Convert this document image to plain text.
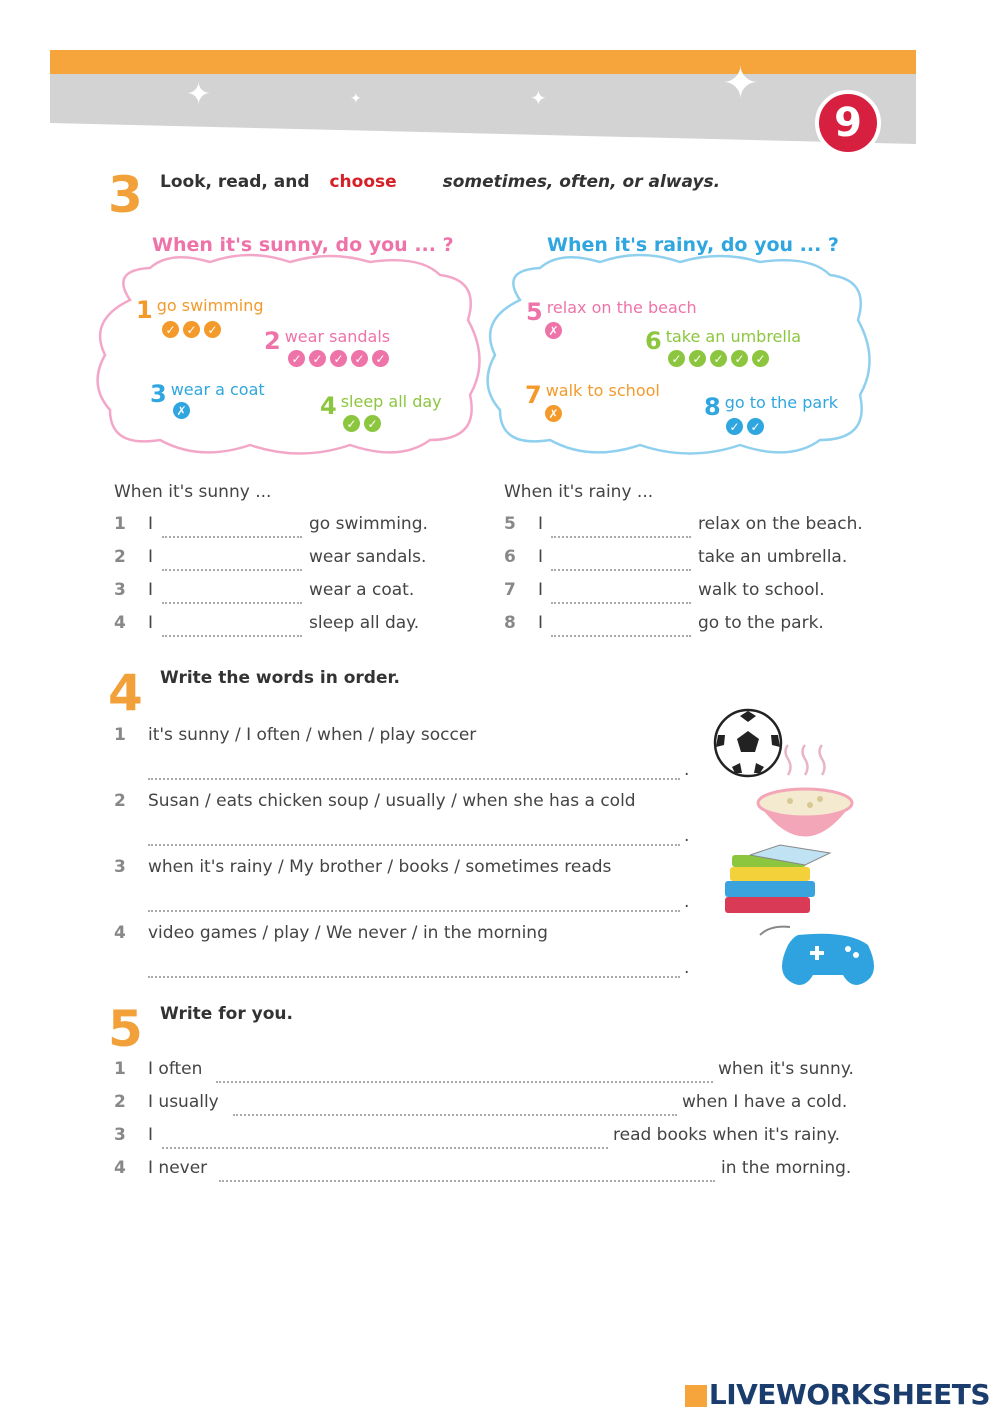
✦	✦	✦	✦
9
3 Look, read, and choose	sometimes, often, or always.
When it's sunny, do you ... ?	When it's rainy, do you ... ?
1 go swimming
✓ ✓ ✓ 2 wear sandals
✓ ✓ ✓ ✓ ✓
3 wear a coat
✗	4 sleep all day
✓ ✓
5 relax on the beach
✗	6 take an umbrella
✓ ✓ ✓ ✓ ✓
7 walk to school
✗	8 go to the park
✓ ✓
When it's sunny ...	When it's rainy ...
1 I	go swimming.
2 I	wear sandals.
3 I	wear a coat.
4 I	sleep all day.
5 I	relax on the beach.
6 I	take an umbrella.
7 I	walk to school.
8 I	go to the park.
4 Write the words in order.
1 it's sunny / I often / when / play soccer
.
2 Susan / eats chicken soup / usually / when she has a cold
.
3 when it's rainy / My brother / books / sometimes reads
.
4 video games / play / We never / in the morning
.
5 Write for you.
1 I often	when it's sunny.
2 I usually	when I have a cold.
3 I	read books when it's rainy.
4 I never	in the morning.
LIVEWORKSHEETS
